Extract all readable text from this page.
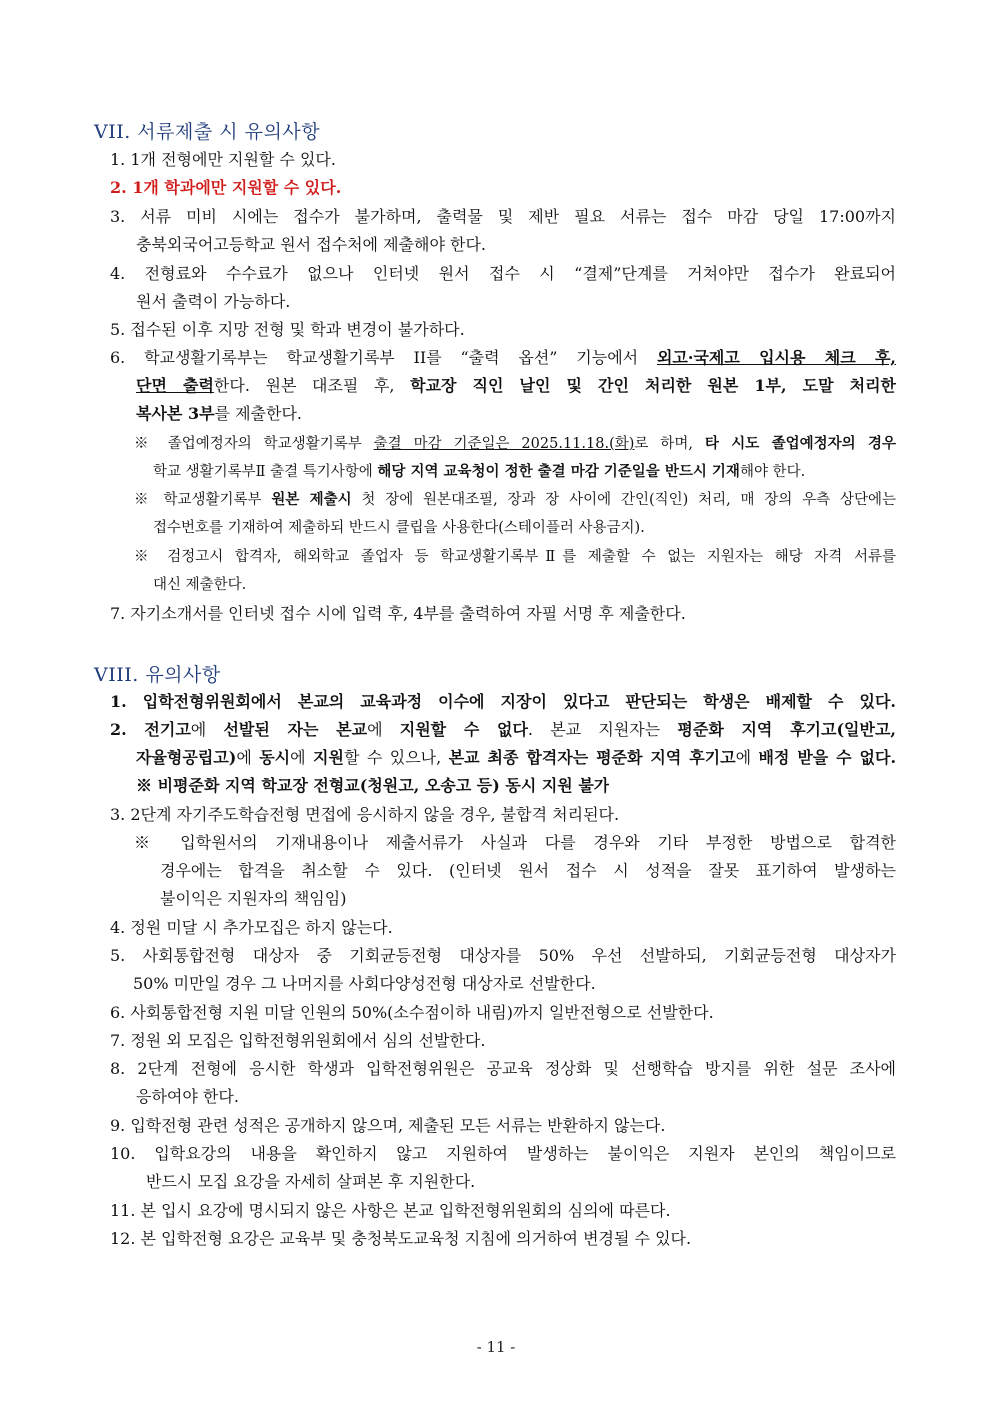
VII. 서류제출 시 유의사항
1. 1개 전형에만 지원할 수 있다.
2. 1개 학과에만 지원할 수 있다.
3. 서류 미비 시에는 접수가 불가하며, 출력물 및 제반 필요 서류는 접수 마감 당일 17:00까지
충북외국어고등학교 원서 접수처에 제출해야 한다.
4. 전형료와 수수료가 없으나 인터넷 원서 접수 시 “결제”단계를 거쳐야만 접수가 완료되어
원서 출력이 가능하다.
5. 접수된 이후 지망 전형 및 학과 변경이 불가하다.
6. 학교생활기록부는 학교생활기록부 II를 “출력 옵션” 기능에서 외고·국제고 입시용 체크 후,
단면 출력한다. 원본 대조필 후, 학교장 직인 날인 및 간인 처리한 원본 1부, 도말 처리한
복사본 3부를 제출한다.
※ 졸업예정자의 학교생활기록부 출결 마감 기준일은 2025.11.18.(화)로 하며, 타 시도 졸업예정자의 경우
학교 생활기록부Ⅱ 출결 특기사항에 해당 지역 교육청이 정한 출결 마감 기준일을 반드시 기재해야 한다.
※ 학교생활기록부 원본 제출시 첫 장에 원본대조필, 장과 장 사이에 간인(직인) 처리, 매 장의 우측 상단에는
접수번호를 기재하여 제출하되 반드시 클립을 사용한다(스테이플러 사용금지).
※ 검정고시 합격자, 해외학교 졸업자 등 학교생활기록부Ⅱ를 제출할 수 없는 지원자는 해당 자격 서류를
대신 제출한다.
7. 자기소개서를 인터넷 접수 시에 입력 후, 4부를 출력하여 자필 서명 후 제출한다.
VIII. 유의사항
1. 입학전형위원회에서 본교의 교육과정 이수에 지장이 있다고 판단되는 학생은 배제할 수 있다.
2. 전기고에 선발된 자는 본교에 지원할 수 없다. 본교 지원자는 평준화 지역 후기고(일반고,
자율형공립고)에 동시에 지원할 수 있으나, 본교 최종 합격자는 평준화 지역 후기고에 배정 받을 수 없다.
※ 비평준화 지역 학교장 전형교(청원고, 오송고 등) 동시 지원 불가
3. 2단계 자기주도학습전형 면접에 응시하지 않을 경우, 불합격 처리된다.
※ 입학원서의 기재내용이나 제출서류가 사실과 다를 경우와 기타 부정한 방법으로 합격한
경우에는 합격을 취소할 수 있다. (인터넷 원서 접수 시 성적을 잘못 표기하여 발생하는
불이익은 지원자의 책임임)
4. 정원 미달 시 추가모집은 하지 않는다.
5. 사회통합전형 대상자 중 기회균등전형 대상자를 50% 우선 선발하되, 기회균등전형 대상자가
50% 미만일 경우 그 나머지를 사회다양성전형 대상자로 선발한다.
6. 사회통합전형 지원 미달 인원의 50%(소수점이하 내림)까지 일반전형으로 선발한다.
7. 정원 외 모집은 입학전형위원회에서 심의 선발한다.
8. 2단계 전형에 응시한 학생과 입학전형위원은 공교육 정상화 및 선행학습 방지를 위한 설문 조사에
응하여야 한다.
9. 입학전형 관련 성적은 공개하지 않으며, 제출된 모든 서류는 반환하지 않는다.
10. 입학요강의 내용을 확인하지 않고 지원하여 발생하는 불이익은 지원자 본인의 책임이므로
반드시 모집 요강을 자세히 살펴본 후 지원한다.
11. 본 입시 요강에 명시되지 않은 사항은 본교 입학전형위원회의 심의에 따른다.
12. 본 입학전형 요강은 교육부 및 충청북도교육청 지침에 의거하여 변경될 수 있다.
- 11 -
